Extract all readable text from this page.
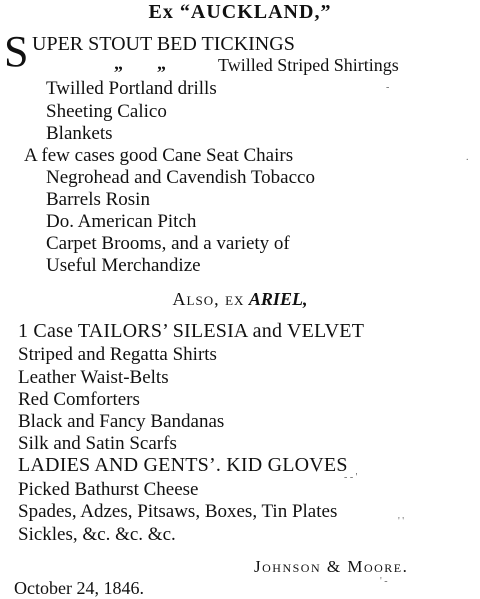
Ex “AUCKLAND,”
S UPER STOUT BED TICKINGS
„ „	Twilled Striped Shirtings
Twilled Portland drills
Sheeting Calico
Blankets
A few cases good Cane Seat Chairs
Negrohead and Cavendish Tobacco
Barrels Rosin
Do. American Pitch
Carpet Brooms, and a variety of
Useful Merchandize
Also, ex ARIEL,
1 Case TAILORS’ SILESIA and VELVET
Striped and Regatta Shirts
Leather Waist-Belts
Red Comforters
Black and Fancy Bandanas
Silk and Satin Scarfs
LADIES AND GENTS’. KID GLOVES
Picked Bathurst Cheese
Spades, Adzes, Pitsaws, Boxes, Tin Plates
Sickles, &c. &c. &c.
Johnson & Moore.
October 24, 1846.
-
.
- - '
' '
' -
